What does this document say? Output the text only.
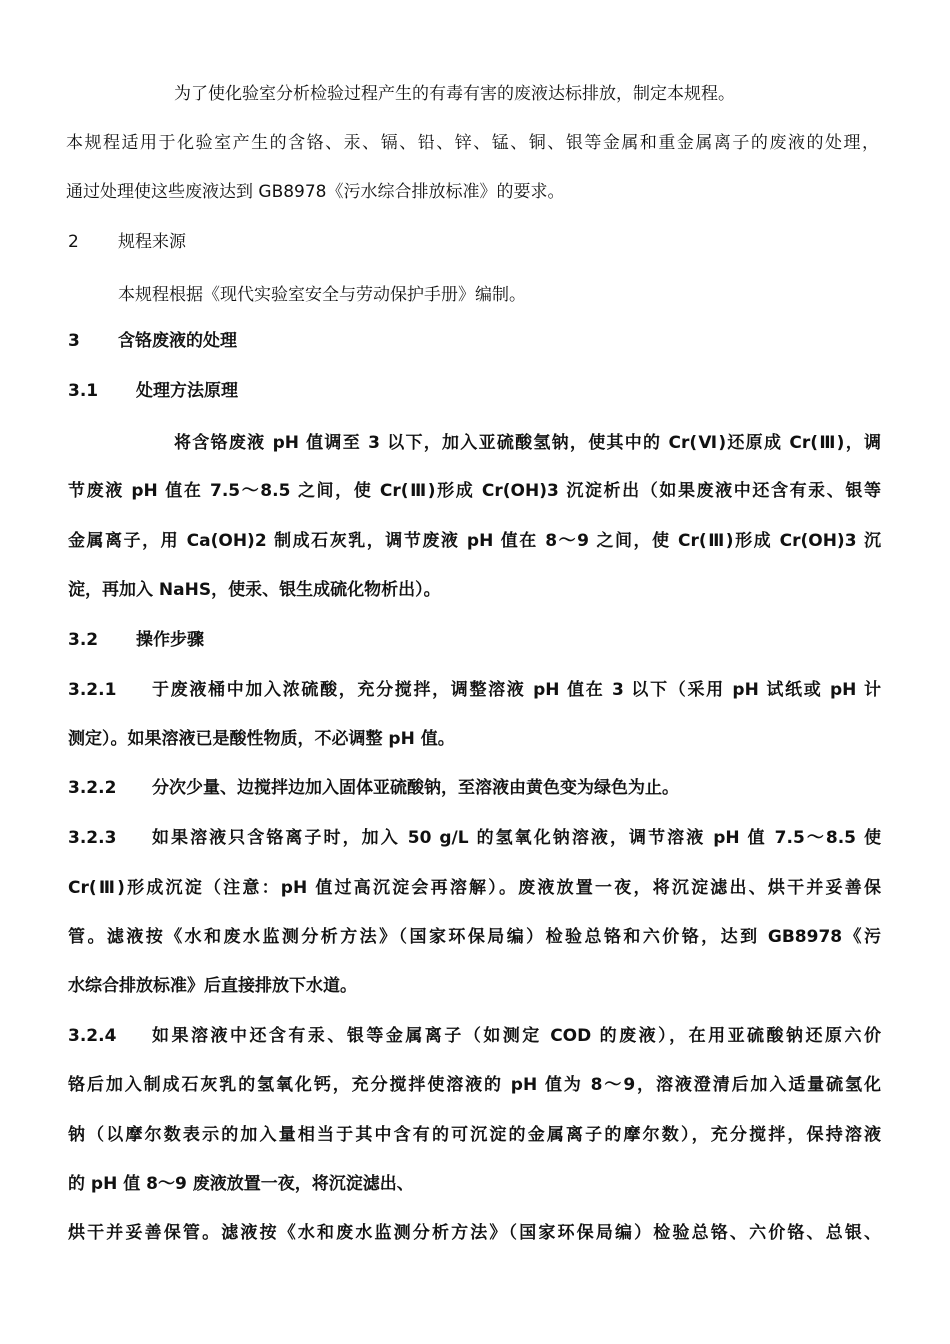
为了使化验室分析检验过程产生的有毒有害的废液达标排放，制定本规程。
本规程适用于化验室产生的含铬、汞、镉、铅、锌、锰、铜、银等金属和重金属离子的废液的处理，
通过处理使这些废液达到 GB8978《污水综合排放标准》的要求。
2 规程来源
本规程根据《现代实验室安全与劳动保护手册》编制。
3 含铬废液的处理
3.1 处理方法原理
将含铬废液 pH 值调至 3 以下，加入亚硫酸氢钠，使其中的 Cr(Ⅵ)还原成 Cr(Ⅲ)，调
节废液 pH 值在 7.5～8.5 之间，使 Cr(Ⅲ)形成 Cr(OH)3 沉淀析出（如果废液中还含有汞、银等
金属离子，用 Ca(OH)2 制成石灰乳，调节废液 pH 值在 8～9 之间，使 Cr(Ⅲ)形成 Cr(OH)3 沉
淀，再加入 NaHS，使汞、银生成硫化物析出）。
3.2 操作步骤
3.2.1 于废液桶中加入浓硫酸，充分搅拌，调整溶液 pH 值在 3 以下（采用 pH 试纸或 pH 计
测定）。如果溶液已是酸性物质，不必调整 pH 值。
3.2.2 分次少量、边搅拌边加入固体亚硫酸钠，至溶液由黄色变为绿色为止。
3.2.3 如果溶液只含铬离子时，加入 50 g/L 的氢氧化钠溶液，调节溶液 pH 值 7.5～8.5 使
Cr(Ⅲ)形成沉淀（注意：pH 值过高沉淀会再溶解）。废液放置一夜，将沉淀滤出、烘干并妥善保
管。滤液按《水和废水监测分析方法》（国家环保局编）检验总铬和六价铬，达到 GB8978《污
水综合排放标准》后直接排放下水道。
3.2.4 如果溶液中还含有汞、银等金属离子（如测定 COD 的废液），在用亚硫酸钠还原六价
铬后加入制成石灰乳的氢氧化钙，充分搅拌使溶液的 pH 值为 8～9，溶液澄清后加入适量硫氢化
钠（以摩尔数表示的加入量相当于其中含有的可沉淀的金属离子的摩尔数），充分搅拌，保持溶液
的 pH 值 8～9 废液放置一夜，将沉淀滤出、
烘干并妥善保管。滤液按《水和废水监测分析方法》（国家环保局编）检验总铬、六价铬、总银、
